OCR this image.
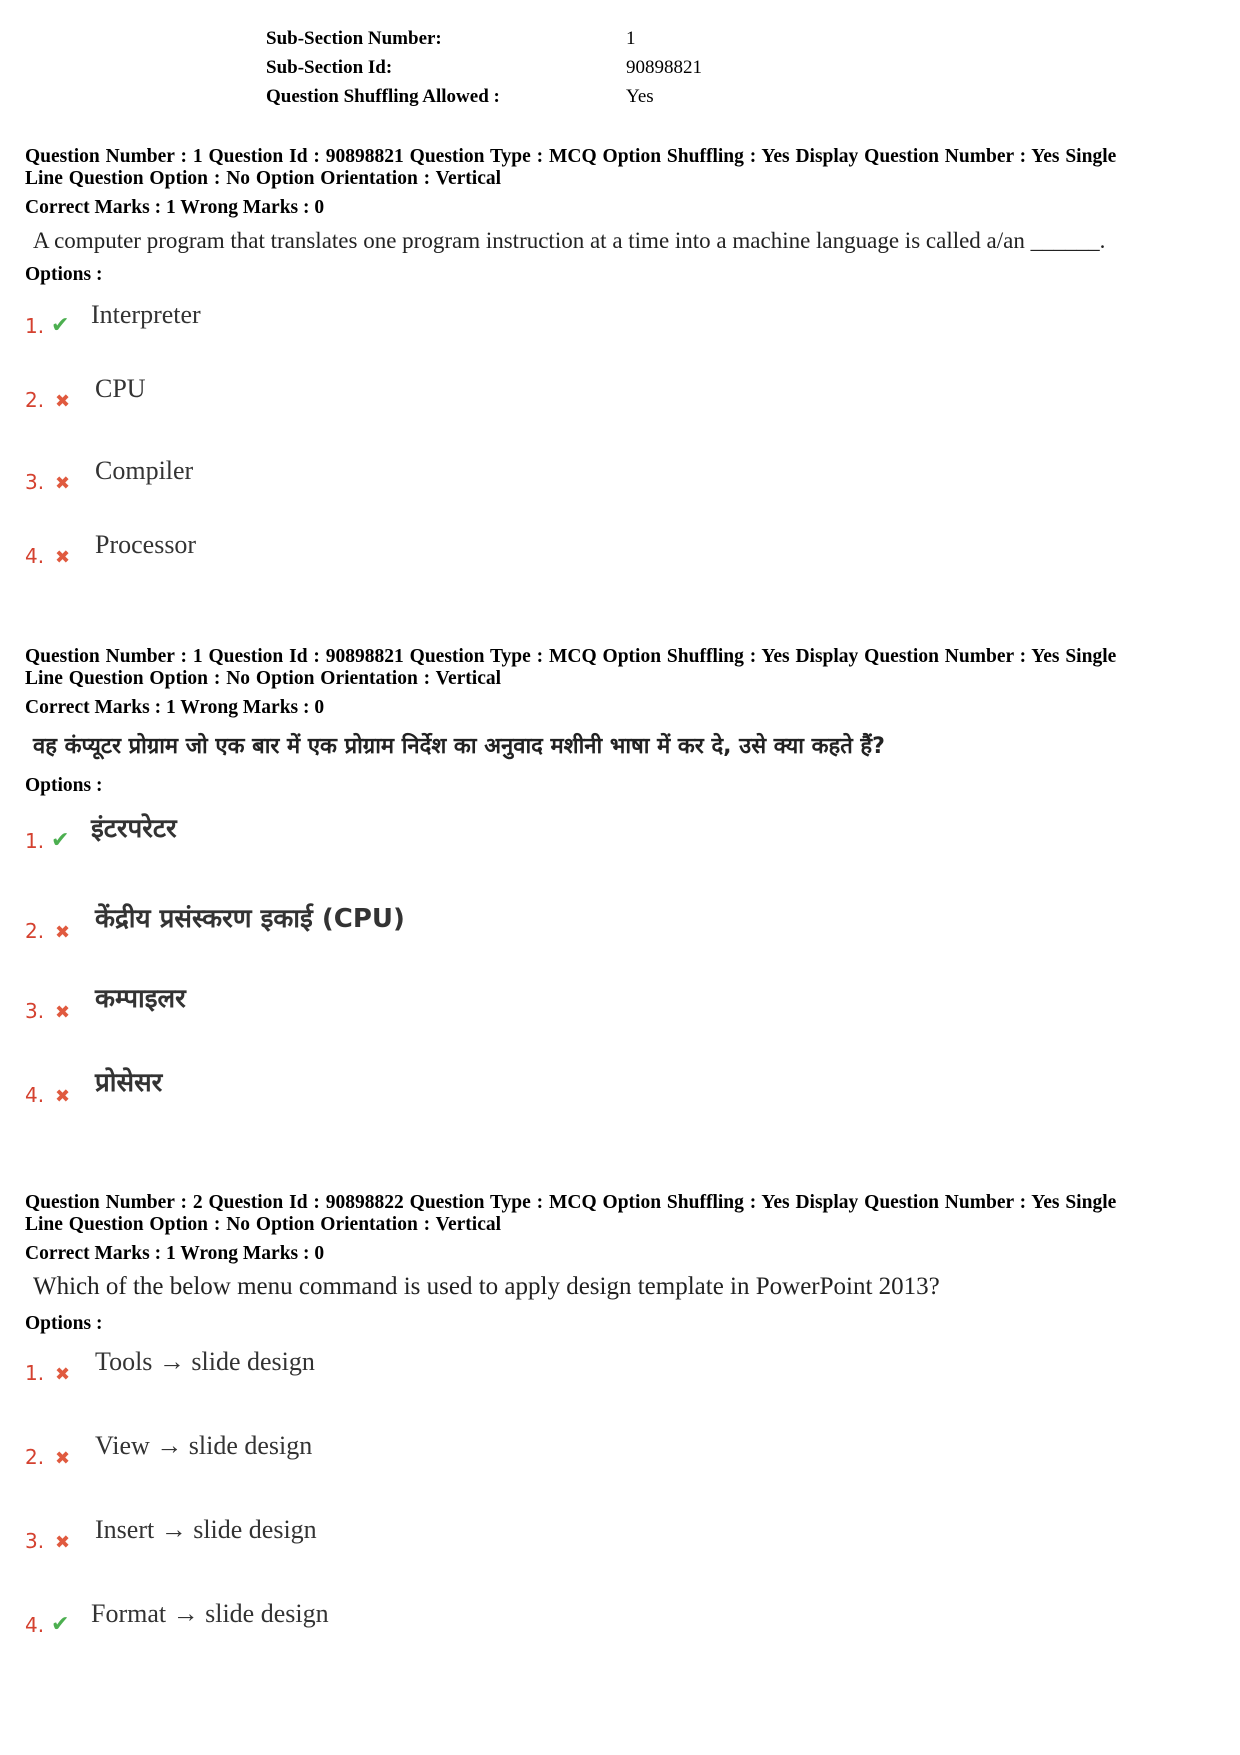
Sub-Section Number:	1
Sub-Section Id:	90898821
Question Shuffling Allowed :	Yes
Question Number : 1 Question Id : 90898821 Question Type : MCQ Option Shuffling : Yes Display Question Number : Yes Single
Line Question Option : No Option Orientation : Vertical
Correct Marks : 1 Wrong Marks : 0
A computer program that translates one program instruction at a time into a machine language is called a/an ______.
Options :
1. ✔ Interpreter
2. ✖ CPU
3. ✖ Compiler
4. ✖ Processor
Question Number : 1 Question Id : 90898821 Question Type : MCQ Option Shuffling : Yes Display Question Number : Yes Single
Line Question Option : No Option Orientation : Vertical
Correct Marks : 1 Wrong Marks : 0
वह कंप्यूटर प्रोग्राम जो एक बार में एक प्रोग्राम निर्देश का अनुवाद मशीनी भाषा में कर दे, उसे क्या कहते हैं?
Options :
1. ✔ इंटरपरेटर
2. ✖ केंद्रीय प्रसंस्करण इकाई (CPU)
3. ✖ कम्पाइलर
4. ✖ प्रोसेसर
Question Number : 2 Question Id : 90898822 Question Type : MCQ Option Shuffling : Yes Display Question Number : Yes Single
Line Question Option : No Option Orientation : Vertical
Correct Marks : 1 Wrong Marks : 0
Which of the below menu command is used to apply design template in PowerPoint 2013?
Options :
1. ✖ Tools → slide design
2. ✖ View → slide design
3. ✖ Insert → slide design
4. ✔ Format → slide design
